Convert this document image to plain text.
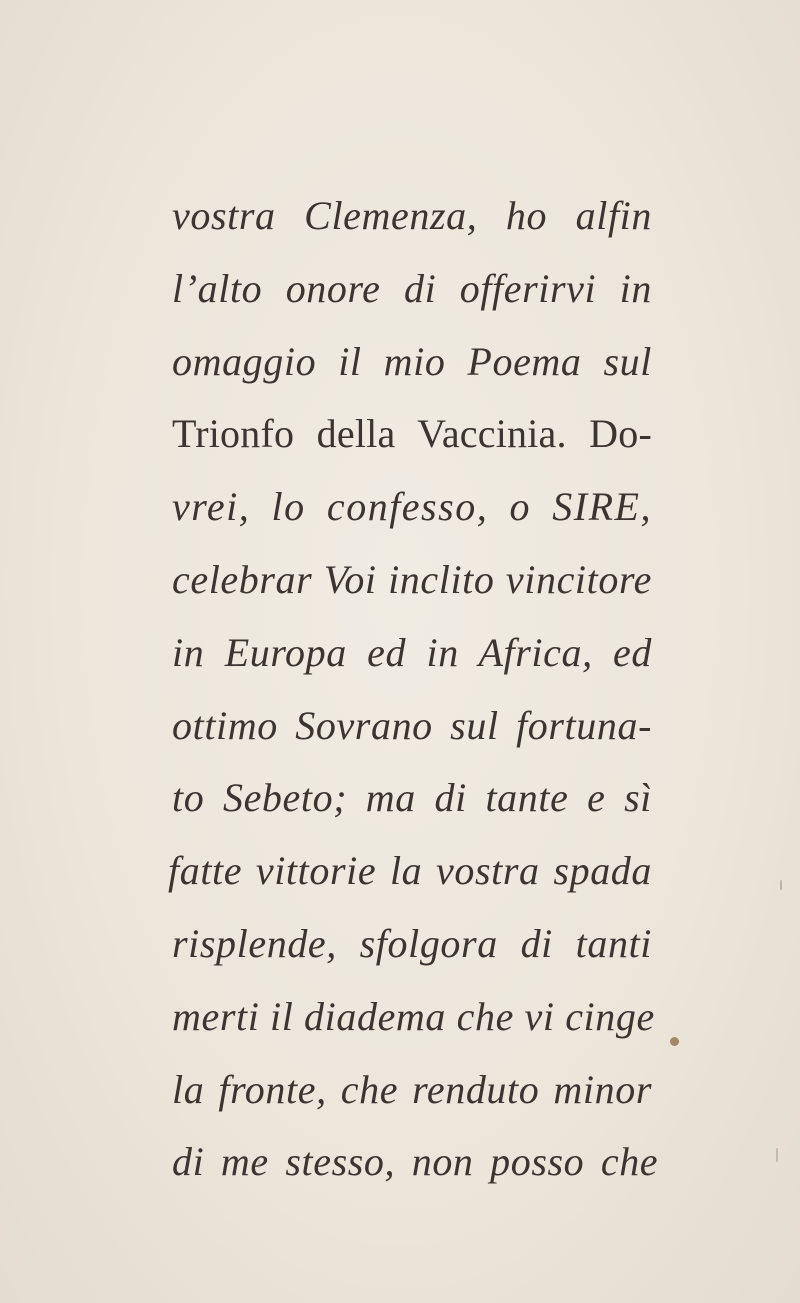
vostra Clemenza, ho alfin
l’alto onore di offerirvi in
omaggio il mio Poema sul
Trionfo della Vaccinia. Do-
vrei, lo confesso, o SIRE,
celebrar Voi inclito vincitore
in Europa ed in Africa, ed
ottimo Sovrano sul fortuna-
to Sebeto; ma di tante e sì
fatte vittorie la vostra spada
risplende, sfolgora di tanti
merti il diadema che vi cinge
la fronte, che renduto minor
di me stesso, non posso che
